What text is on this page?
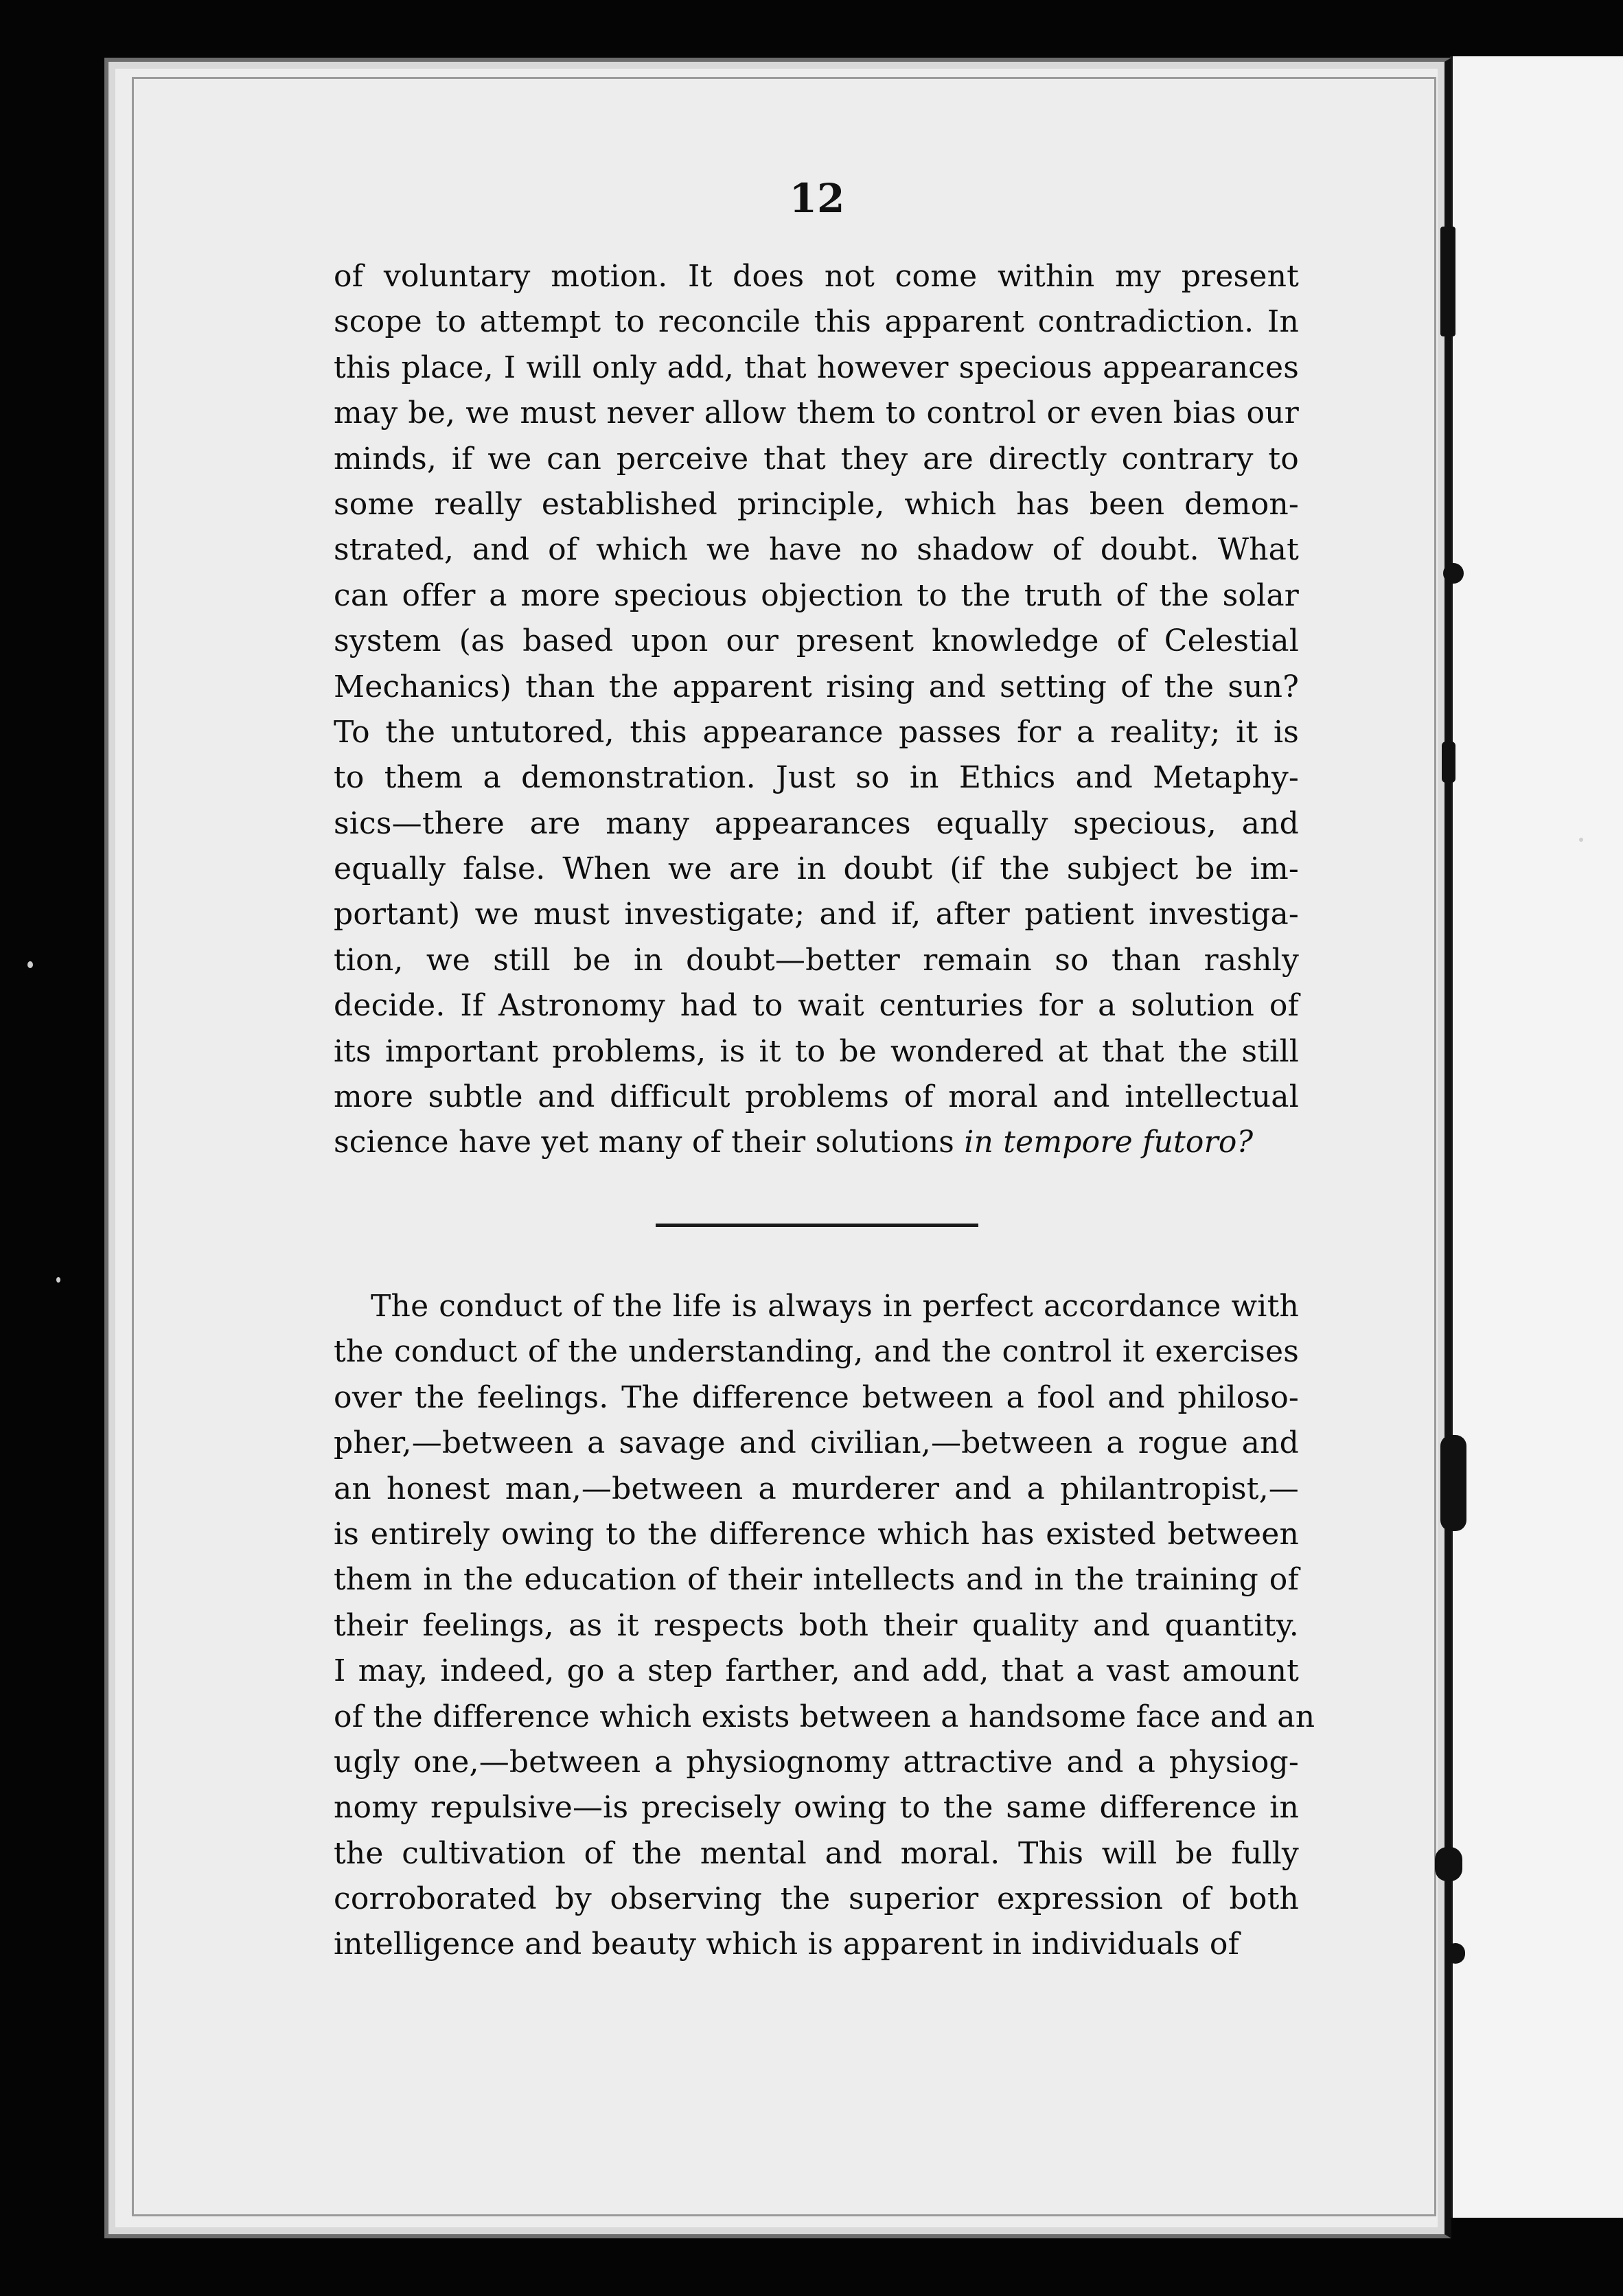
12
of voluntary motion. It does not come within my present
scope to attempt to reconcile this apparent contradiction. In
this place, I will only add, that however specious appearances
may be, we must never allow them to control or even bias our
minds, if we can perceive that they are directly contrary to
some really established principle, which has been demon-
strated, and of which we have no shadow of doubt. What
can offer a more specious objection to the truth of the solar
system (as based upon our present knowledge of Celestial
Mechanics) than the apparent rising and setting of the sun?
To the untutored, this appearance passes for a reality; it is
to them a demonstration. Just so in Ethics and Metaphy-
sics—there are many appearances equally specious, and
equally false. When we are in doubt (if the subject be im-
portant) we must investigate; and if, after patient investiga-
tion, we still be in doubt—better remain so than rashly
decide. If Astronomy had to wait centuries for a solution of
its important problems, is it to be wondered at that the still
more subtle and difficult problems of moral and intellectual
science have yet many of their solutions in tempore futoro?
The conduct of the life is always in perfect accordance with
the conduct of the understanding, and the control it exercises
over the feelings. The difference between a fool and philoso-
pher,—between a savage and civilian,—between a rogue and
an honest man,—between a murderer and a philantropist,—
is entirely owing to the difference which has existed between
them in the education of their intellects and in the training of
their feelings, as it respects both their quality and quantity.
I may, indeed, go a step farther, and add, that a vast amount
of the difference which exists between a handsome face and an
ugly one,—between a physiognomy attractive and a physiog-
nomy repulsive—is precisely owing to the same difference in
the cultivation of the mental and moral. This will be fully
corroborated by observing the superior expression of both
intelligence and beauty which is apparent in individuals of
